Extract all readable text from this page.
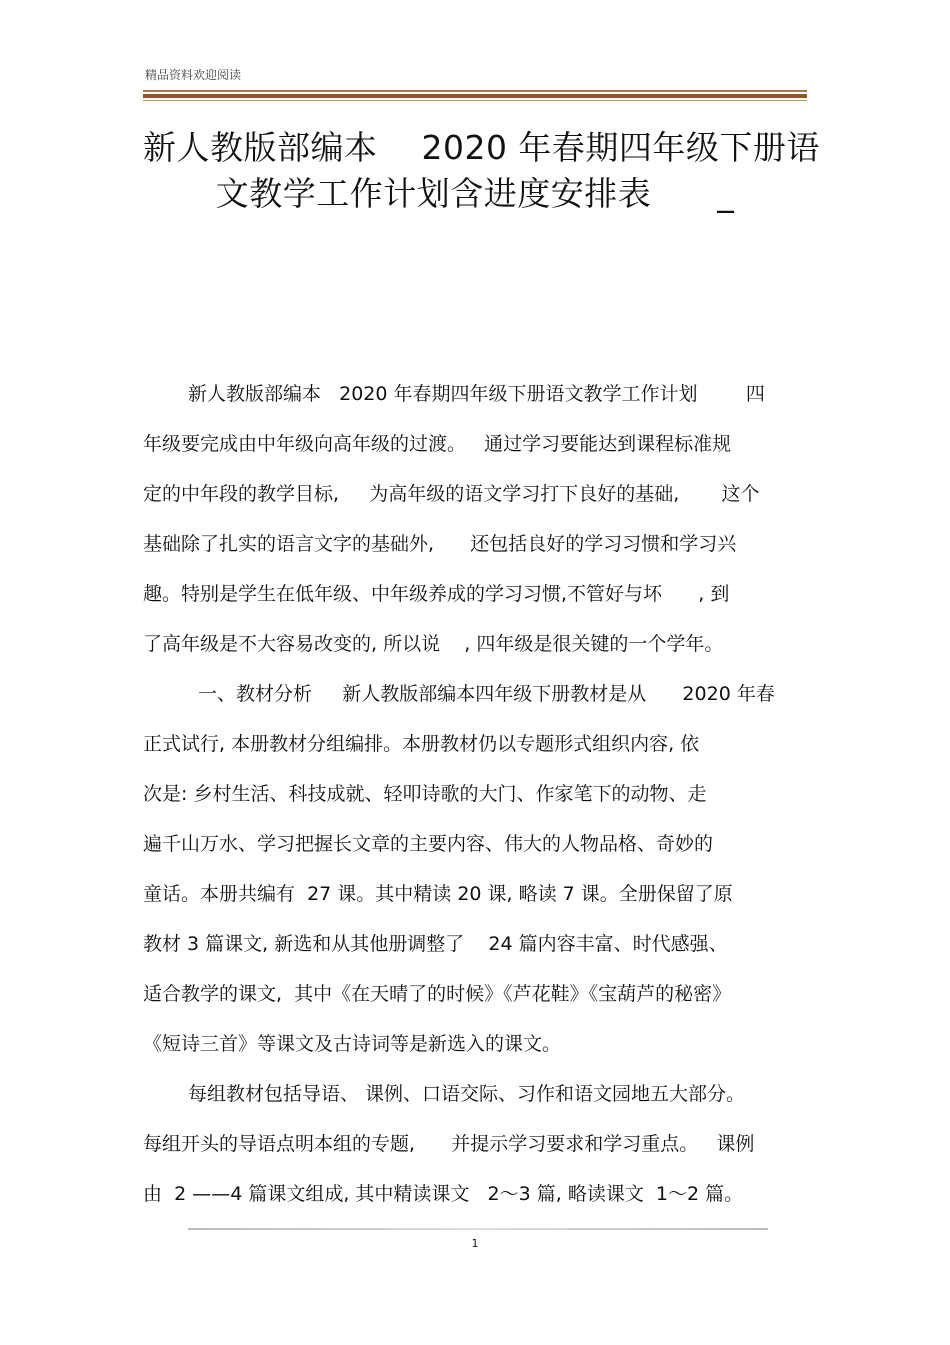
精品资料欢迎阅读
新人教版部编本    2020 年春期四年级下册语
文教学工作计划含进度安排表      _
新人教版部编本   2020 年春期四年级下册语文教学工作计划        四
年级要完成由中年级向高年级的过渡。   通过学习要能达到课程标准规
定的中年段的教学目标,     为高年级的语文学习打下良好的基础,       这个
基础除了扎实的语言文字的基础外,      还包括良好的学习习惯和学习兴
趣。特别是学生在低年级、中年级养成的学习习惯,不管好与坏      , 到
了高年级是不大容易改变的, 所以说    , 四年级是很关键的一个学年。
一、教材分析     新人教版部编本四年级下册教材是从      2020 年春
正式试行, 本册教材分组编排。本册教材仍以专题形式组织内容, 依
次是: 乡村生活、科技成就、轻叩诗歌的大门、作家笔下的动物、走
遍千山万水、学习把握长文章的主要内容、伟大的人物品格、奇妙的
童话。本册共编有  27 课。其中精读 20 课, 略读 7 课。全册保留了原
教材 3 篇课文, 新选和从其他册调整了    24 篇内容丰富、时代感强、
适合教学的课文,  其中《在天晴了的时候》《芦花鞋》《宝葫芦的秘密》
《短诗三首》等课文及古诗词等是新选入的课文。
每组教材包括导语、 课例、口语交际、习作和语文园地五大部分。
每组开头的导语点明本组的专题,      并提示学习要求和学习重点。   课例
由  2 ——4 篇课文组成, 其中精读课文   2～3 篇, 略读课文  1～2 篇。
1
